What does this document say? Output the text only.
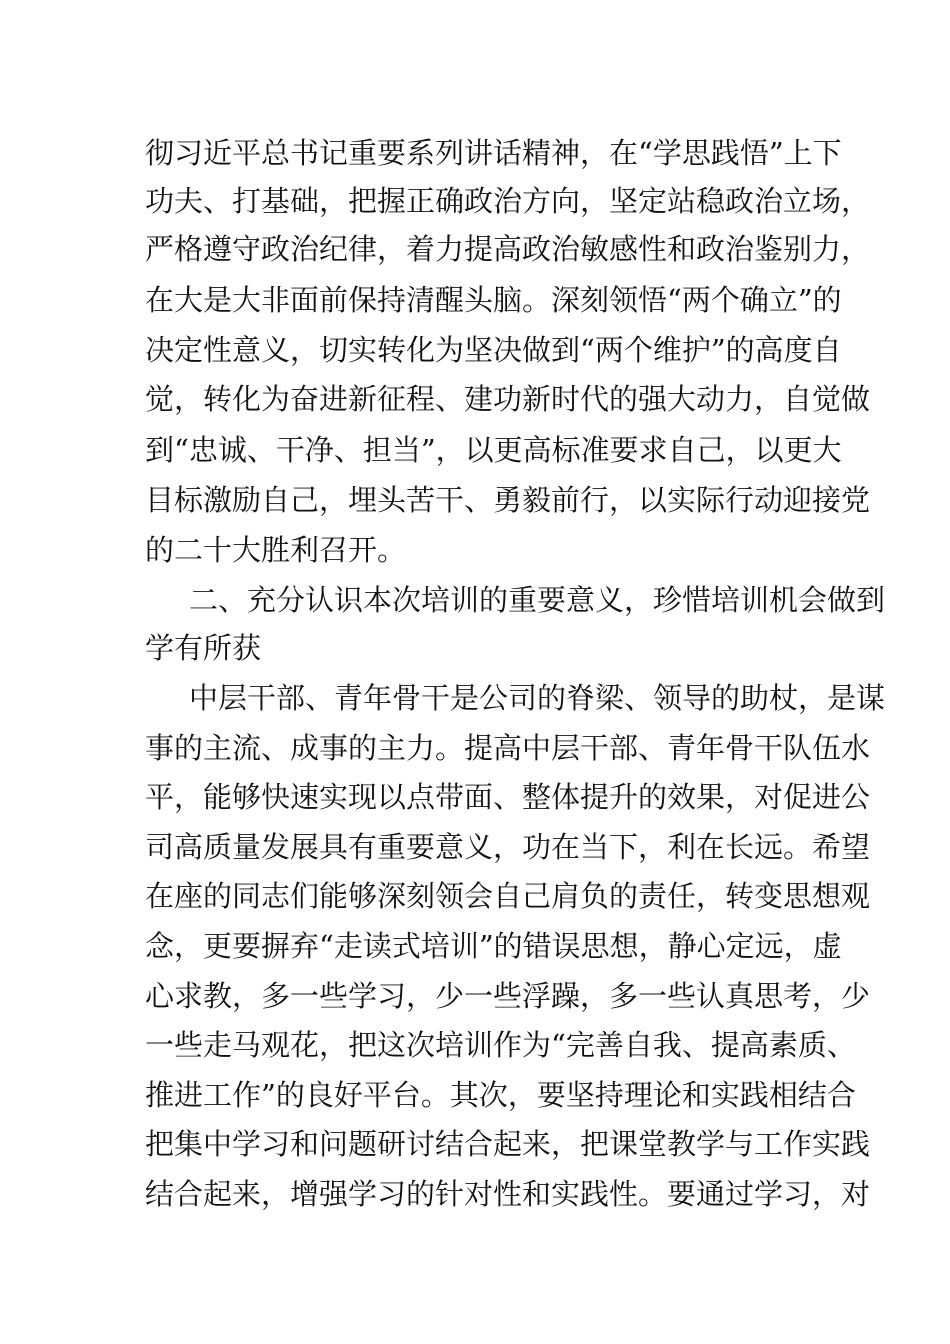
彻习近平总书记重要系列讲话精神，在“学思践悟”上下
功夫、打基础，把握正确政治方向，坚定站稳政治立场，
严格遵守政治纪律，着力提高政治敏感性和政治鉴别力，
在大是大非面前保持清醒头脑。深刻领悟“两个确立”的
决定性意义，切实转化为坚决做到“两个维护”的高度自
觉，转化为奋进新征程、建功新时代的强大动力，自觉做
到“忠诚、干净、担当”，以更高标准要求自己，以更大
目标激励自己，埋头苦干、勇毅前行，以实际行动迎接党
的二十大胜利召开。
二、充分认识本次培训的重要意义，珍惜培训机会做到
学有所获
中层干部、青年骨干是公司的脊梁、领导的助杖，是谋
事的主流、成事的主力。提高中层干部、青年骨干队伍水
平，能够快速实现以点带面、整体提升的效果，对促进公
司高质量发展具有重要意义，功在当下，利在长远。希望
在座的同志们能够深刻领会自己肩负的责任，转变思想观
念，更要摒弃“走读式培训”的错误思想，静心定远，虚
心求教，多一些学习，少一些浮躁，多一些认真思考，少
一些走马观花，把这次培训作为“完善自我、提高素质、
推进工作”的良好平台。其次，要坚持理论和实践相结合
把集中学习和问题研讨结合起来，把课堂教学与工作实践
结合起来，增强学习的针对性和实践性。要通过学习，对
